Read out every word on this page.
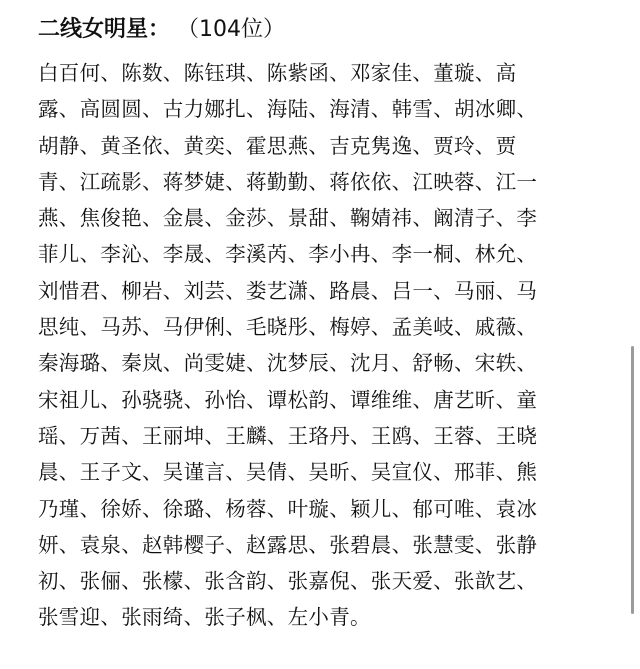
二线女明星： （104位）
白百何、陈数、陈钰琪、陈紫函、邓家佳、董璇、高
露、高圆圆、古力娜扎、海陆、海清、韩雪、胡冰卿、
胡静、黄圣依、黄奕、霍思燕、吉克隽逸、贾玲、贾
青、江疏影、蒋梦婕、蒋勤勤、蒋依依、江映蓉、江一
燕、焦俊艳、金晨、金莎、景甜、鞠婧祎、阚清子、李
菲儿、李沁、李晟、李溪芮、李小冉、李一桐、林允、
刘惜君、柳岩、刘芸、娄艺潇、路晨、吕一、马丽、马
思纯、马苏、马伊俐、毛晓彤、梅婷、孟美岐、戚薇、
秦海璐、秦岚、尚雯婕、沈梦辰、沈月、舒畅、宋轶、
宋祖儿、孙骁骁、孙怡、谭松韵、谭维维、唐艺昕、童
瑶、万茜、王丽坤、王麟、王珞丹、王鸥、王蓉、王晓
晨、王子文、吴谨言、吴倩、吴昕、吴宣仪、邢菲、熊
乃瑾、徐娇、徐璐、杨蓉、叶璇、颖儿、郁可唯、袁冰
妍、袁泉、赵韩樱子、赵露思、张碧晨、张慧雯、张静
初、张俪、张檬、张含韵、张嘉倪、张天爱、张歆艺、
张雪迎、张雨绮、张子枫、左小青。
